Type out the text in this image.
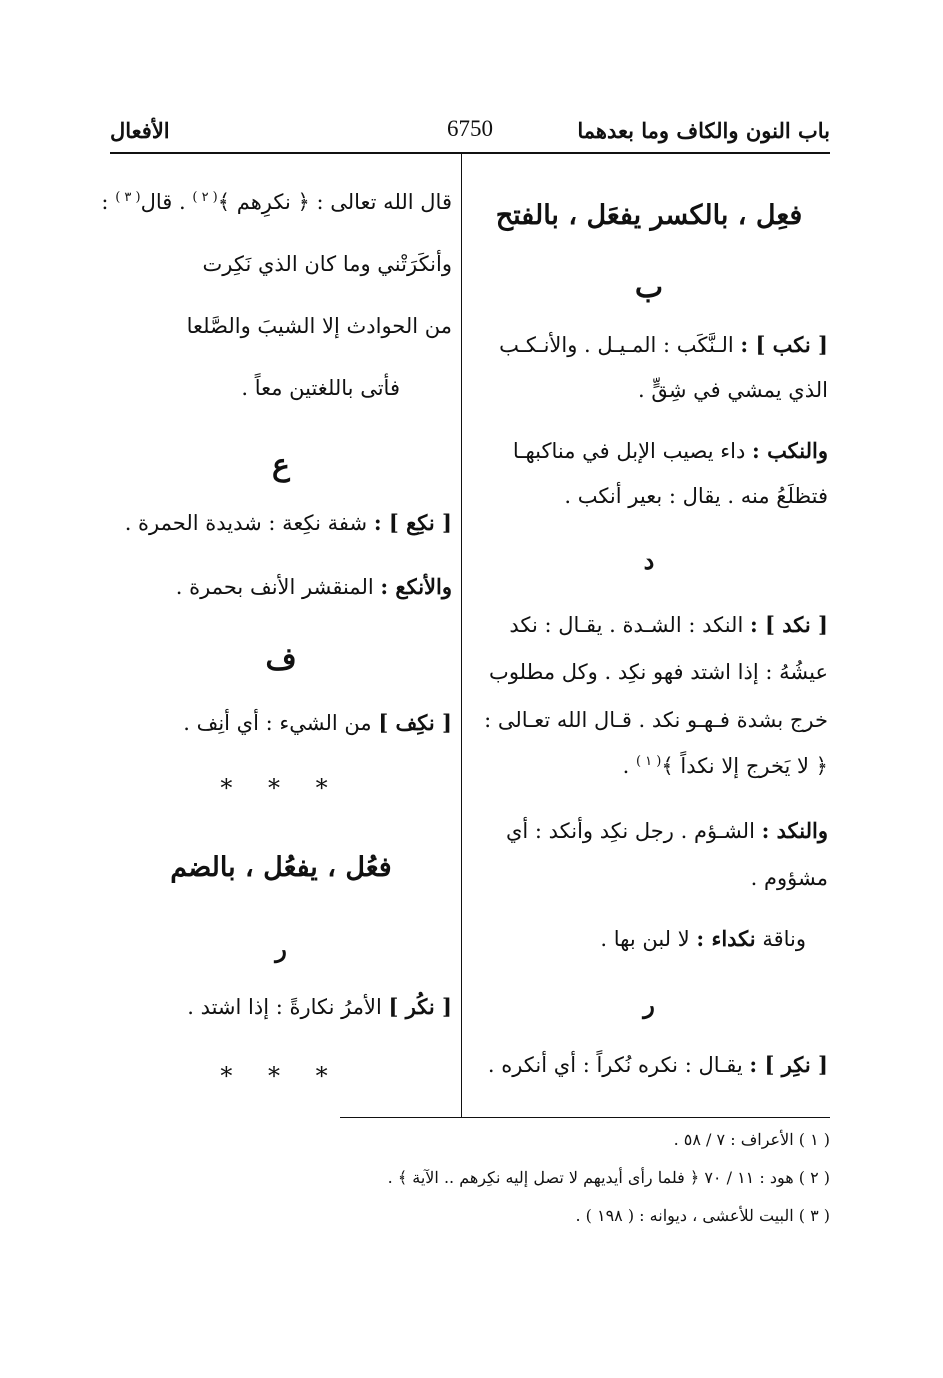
باب النون والكاف وما بعدهما
6750
الأفعال
فعِل ، بالكسر يفعَل ، بالفتح
ب
[ نكب ] : الـنَّكَب : المـيـل . والأنـكـب
الذي يمشي في شِقٍّ .
والنكب : داء يصيب الإبل في مناكبهـا
فتظلَعُ منه . يقال : بعير أنكب .
د
[ نكد ] : النكد : الشـدة . يقـال : نكد
عيشُهُ : إذا اشتد فهو نكِد . وكل مطلوب
خرج بشدة فـهـو نكد . قـال الله تعـالى :
﴿ لا يَخرج إلا نكداً ﴾$^{( ١ )}$ .
والنكد : الشـؤم . رجل نكِد وأنكد : أي
مشؤوم .
وناقة نكداء : لا لبن بها .
ر
[ نكِر ] : يقـال : نكره نُكراً : أي أنكره .
قال الله تعالى : ﴿ نكرِهم ﴾$^{( ٢ )}$ . قال$^{( ٣ )}$ :
وأنكَرَتْني وما كان الذي نَكِرت
من الحوادث إلا الشيبَ والصَّلعا
فأتى باللغتين معاً .
ع
[ نكِع ] : شفة نكِعة : شديدة الحمرة .
والأنكع : المنقشر الأنف بحمرة .
ف
[ نكِف ] من الشيء : أي أنِف .
* * *
فعُل ، يفعُل ، بالضم
ر
[ نكُر ] الأمرُ نكارةً : إذا اشتد .
* * *
( ١ ) الأعراف : ٧ / ٥٨ .
( ٢ ) هود : ١١ / ٧٠ ﴿ فلما رأى أيديهم لا تصل إليه نكِرهم .. الآية ﴾ .
( ٣ ) البيت للأعشى ، ديوانه : ( ١٩٨ ) .
